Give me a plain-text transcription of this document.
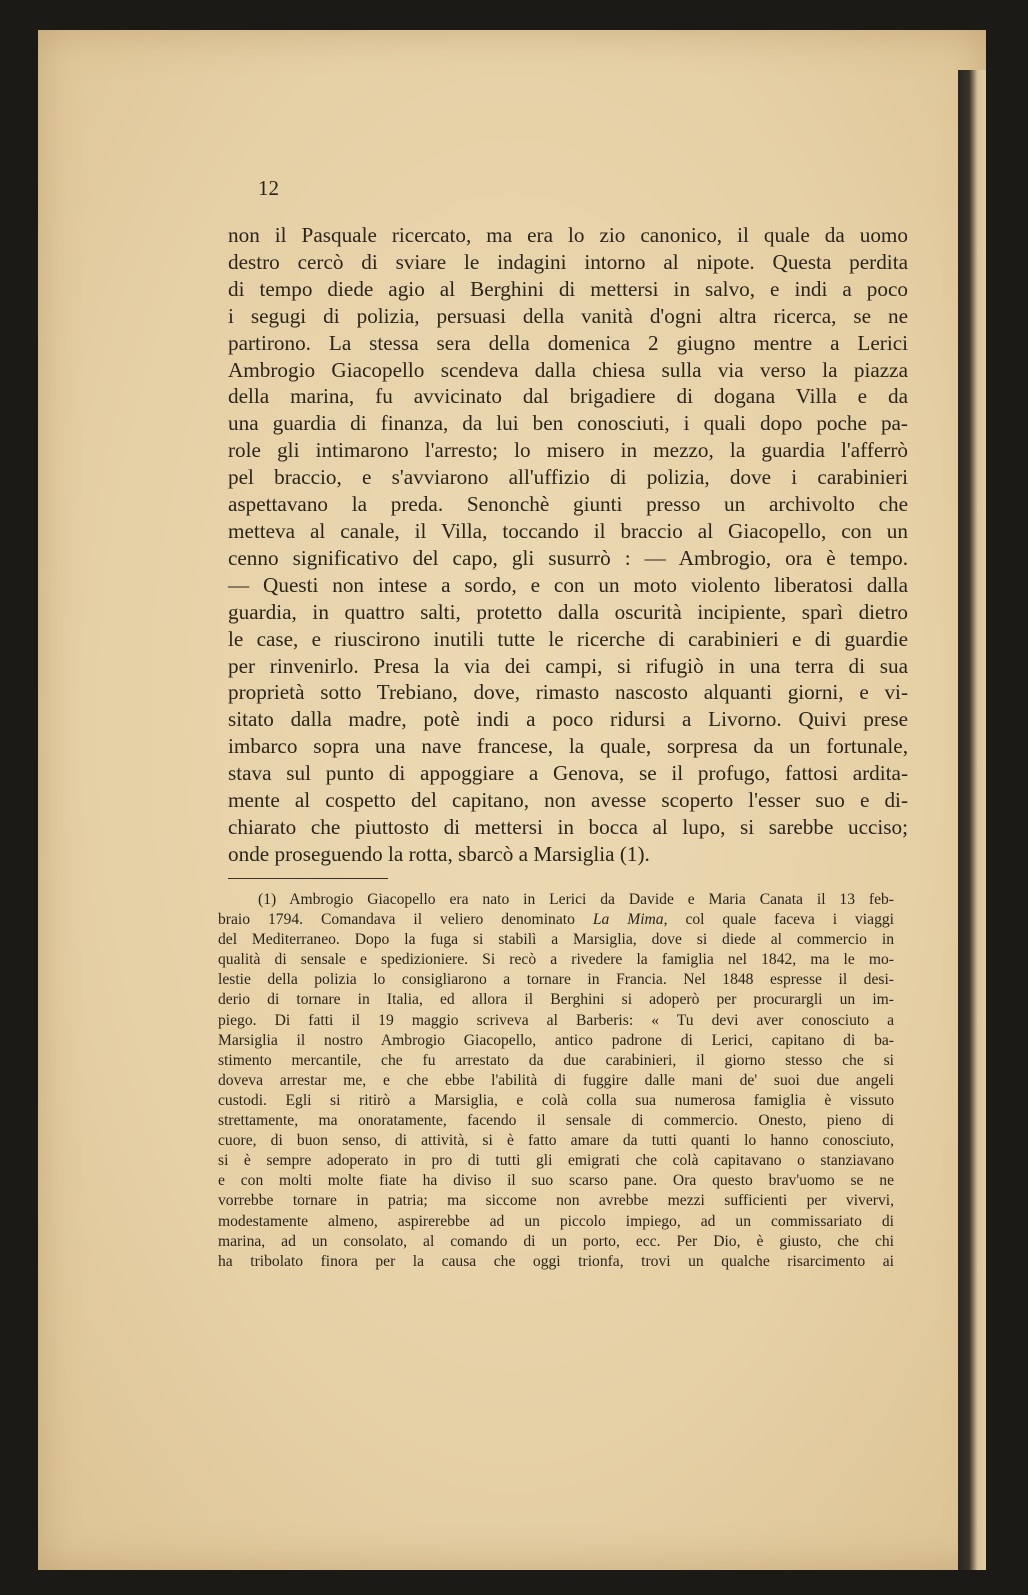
12
non il Pasquale ricercato, ma era lo zio canonico, il quale da uomo
destro cercò di sviare le indagini intorno al nipote. Questa perdita
di tempo diede agio al Berghini di mettersi in salvo, e indi a poco
i segugi di polizia, persuasi della vanità d'ogni altra ricerca, se ne
partirono. La stessa sera della domenica 2 giugno mentre a Lerici
Ambrogio Giacopello scendeva dalla chiesa sulla via verso la piazza
della marina, fu avvicinato dal brigadiere di dogana Villa e da
una guardia di finanza, da lui ben conosciuti, i quali dopo poche pa-
role gli intimarono l'arresto; lo misero in mezzo, la guardia l'afferrò
pel braccio, e s'avviarono all'uffizio di polizia, dove i carabinieri
aspettavano la preda. Senonchè giunti presso un archivolto che
metteva al canale, il Villa, toccando il braccio al Giacopello, con un
cenno significativo del capo, gli susurrò : — Ambrogio, ora è tempo.
— Questi non intese a sordo, e con un moto violento liberatosi dalla
guardia, in quattro salti, protetto dalla oscurità incipiente, sparì dietro
le case, e riuscirono inutili tutte le ricerche di carabinieri e di guardie
per rinvenirlo. Presa la via dei campi, si rifugiò in una terra di sua
proprietà sotto Trebiano, dove, rimasto nascosto alquanti giorni, e vi-
sitato dalla madre, potè indi a poco ridursi a Livorno. Quivi prese
imbarco sopra una nave francese, la quale, sorpresa da un fortunale,
stava sul punto di appoggiare a Genova, se il profugo, fattosi ardita-
mente al cospetto del capitano, non avesse scoperto l'esser suo e di-
chiarato che piuttosto di mettersi in bocca al lupo, si sarebbe ucciso;
onde proseguendo la rotta, sbarcò a Marsiglia (1).
(1) Ambrogio Giacopello era nato in Lerici da Davide e Maria Canata il 13 feb-
braio 1794. Comandava il veliero denominato La Mima, col quale faceva i viaggi
del Mediterraneo. Dopo la fuga si stabilì a Marsiglia, dove si diede al commercio in
qualità di sensale e spedizioniere. Si recò a rivedere la famiglia nel 1842, ma le mo-
lestie della polizia lo consigliarono a tornare in Francia. Nel 1848 espresse il desi-
derio di tornare in Italia, ed allora il Berghini si adoperò per procurargli un im-
piego. Di fatti il 19 maggio scriveva al Barberis: « Tu devi aver conosciuto a
Marsiglia il nostro Ambrogio Giacopello, antico padrone di Lerici, capitano di ba-
stimento mercantile, che fu arrestato da due carabinieri, il giorno stesso che si
doveva arrestar me, e che ebbe l'abilità di fuggire dalle mani de' suoi due angeli
custodi. Egli si ritirò a Marsiglia, e colà colla sua numerosa famiglia è vissuto
strettamente, ma onoratamente, facendo il sensale di commercio. Onesto, pieno di
cuore, di buon senso, di attività, si è fatto amare da tutti quanti lo hanno conosciuto,
si è sempre adoperato in pro di tutti gli emigrati che colà capitavano o stanziavano
e con molti molte fiate ha diviso il suo scarso pane. Ora questo brav'uomo se ne
vorrebbe tornare in patria; ma siccome non avrebbe mezzi sufficienti per vivervi,
modestamente almeno, aspirerebbe ad un piccolo impiego, ad un commissariato di
marina, ad un consolato, al comando di un porto, ecc. Per Dio, è giusto, che chi
ha tribolato finora per la causa che oggi trionfa, trovi un qualche risarcimento ai
